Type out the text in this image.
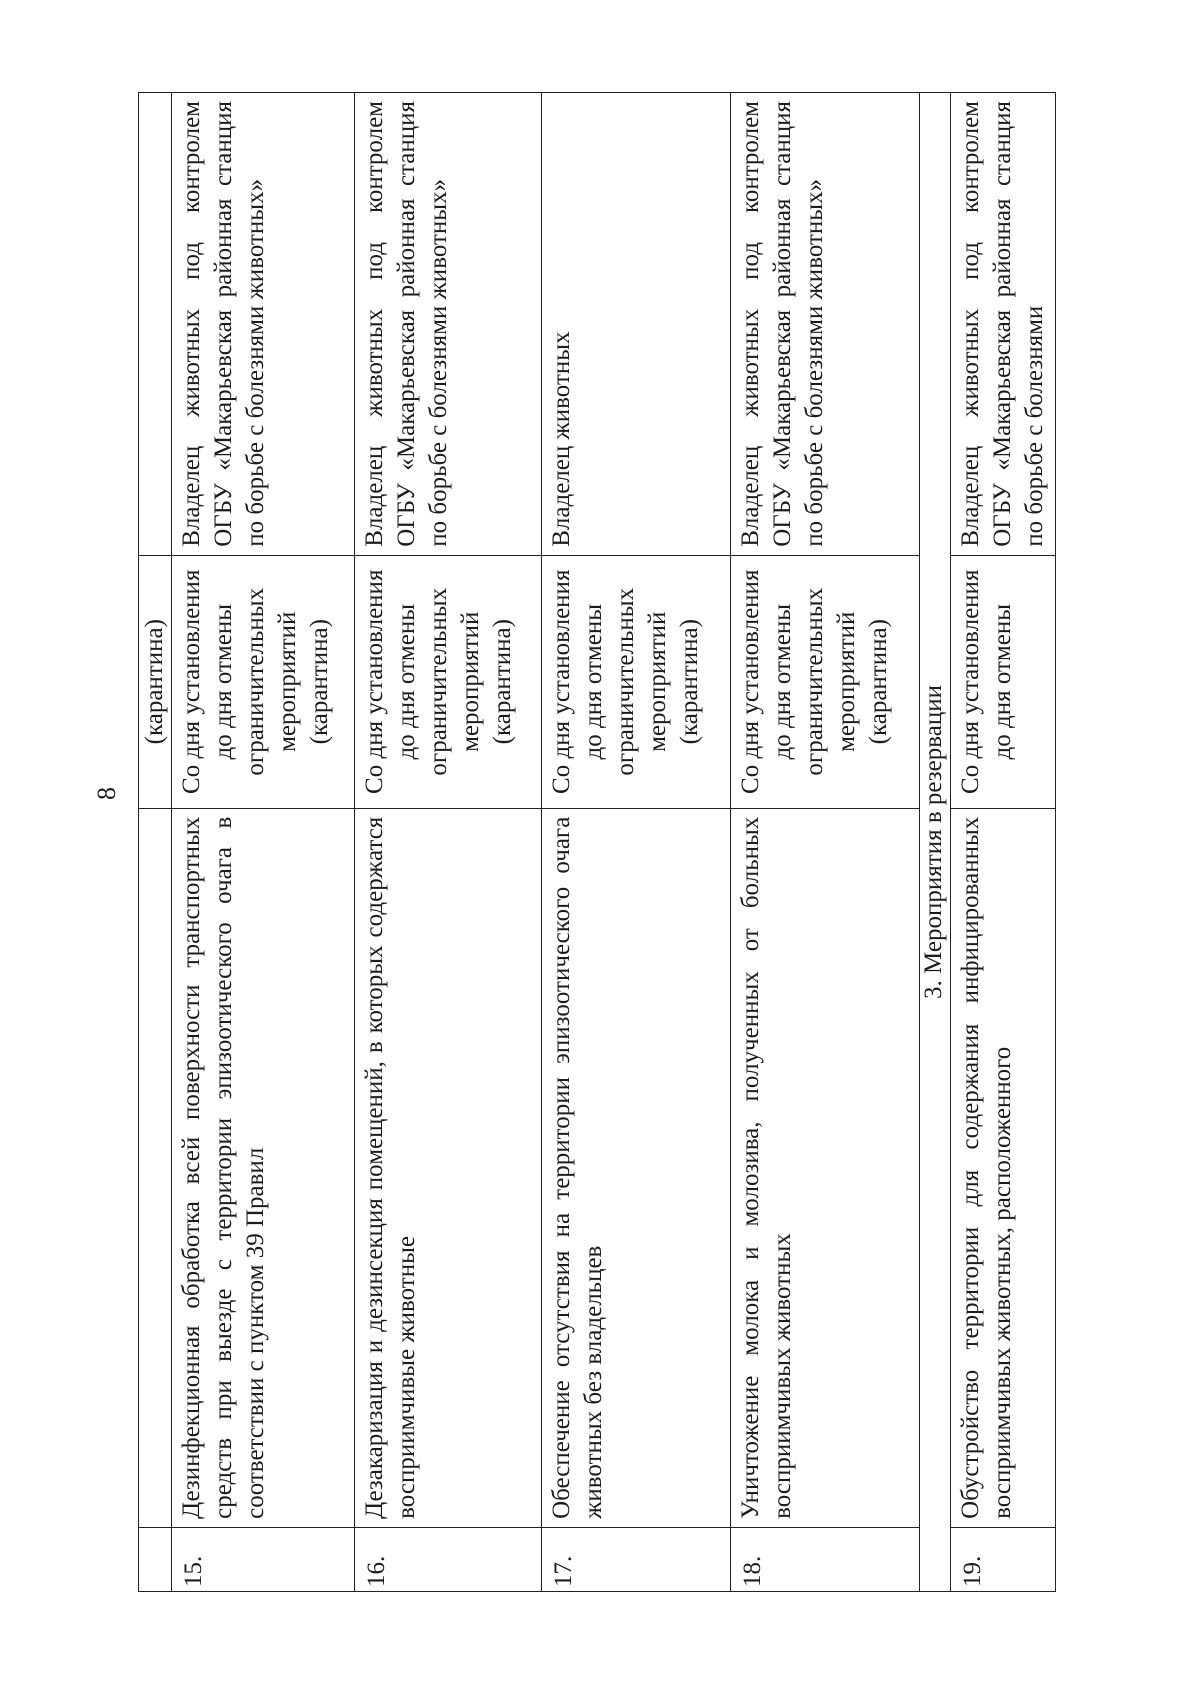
8
		(карантина)	
15.	Дезинфекционная обработка всей поверхности транспортных средств при выезде с территории эпизоотического очага в соответствии с пунктом 39 Правил	Со дня установления до дня отмены ограничительных мероприятий (карантина)	Владелец животных под контролем ОГБУ «Макарьевская районная станция по борьбе с болезнями животных»
16.	Дезакаризация и дезинсекция помещений, в которых содержатся восприимчивые животные	Со дня установления до дня отмены ограничительных мероприятий (карантина)	Владелец животных под контролем ОГБУ «Макарьевская районная станция по борьбе с болезнями животных»
17.	Обеспечение отсутствия на территории эпизоотического очага животных без владельцев	Со дня установления до дня отмены ограничительных мероприятий (карантина)	Владелец животных
18.	Уничтожение молока и молозива, полученных от больных восприимчивых животных	Со дня установления до дня отмены ограничительных мероприятий (карантина)	Владелец животных под контролем ОГБУ «Макарьевская районная станция по борьбе с болезнями животных»
3. Мероприятия в резервации			
19.	Обустройство территории для содержания инфицированных восприимчивых животных, расположенного	Со дня установления до дня отмены	Владелец животных под контролем ОГБУ «Макарьевская районная станция по борьбе с болезнями
